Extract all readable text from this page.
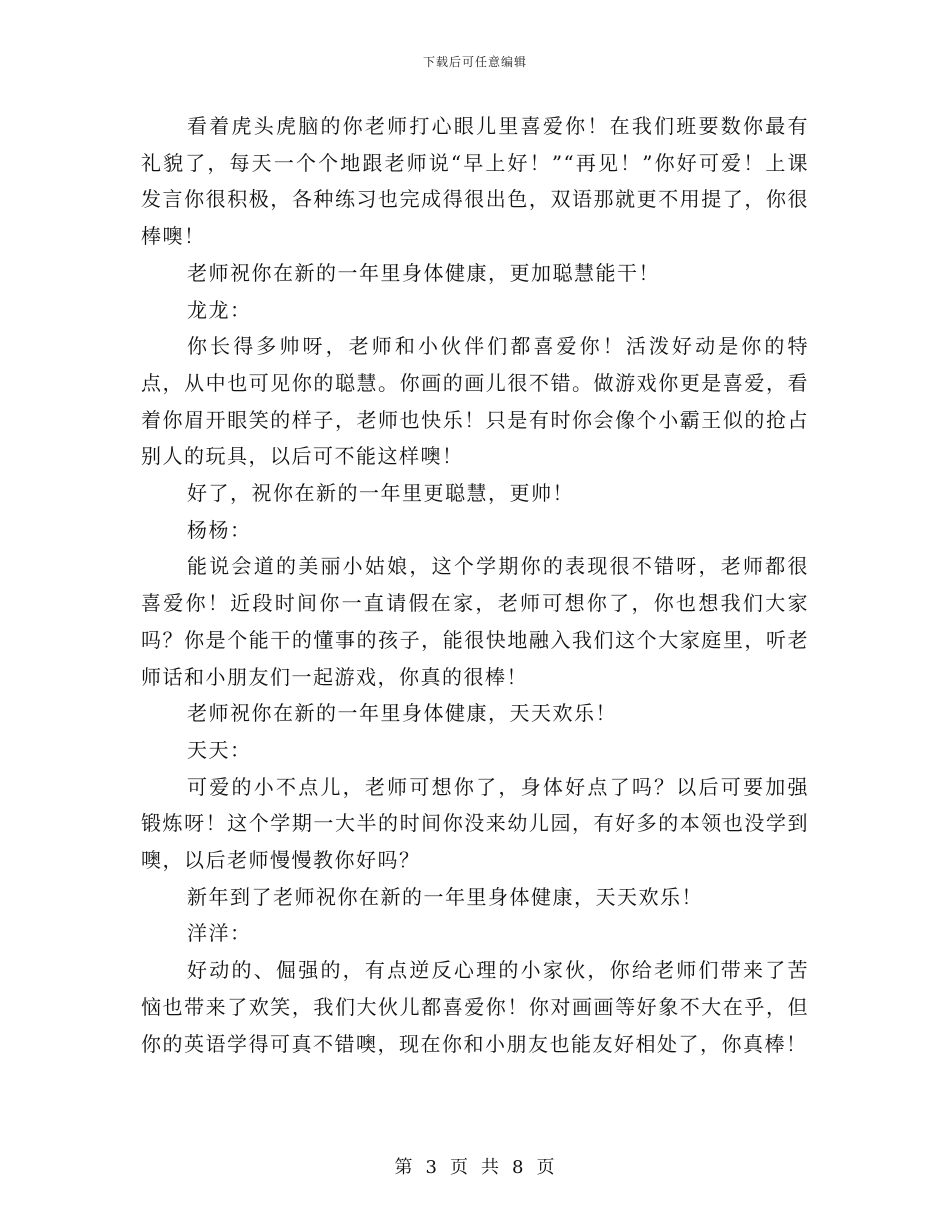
下载后可任意编辑

看着虎头虎脑的你老师打心眼儿里喜爱你！在我们班要数你最有礼貌了，每天一个个地跟老师说“早上好！”“再见！”你好可爱！上课发言你很积极，各种练习也完成得很出色，双语那就更不用提了，你很棒噢！

老师祝你在新的一年里身体健康，更加聪慧能干！

龙龙：

你长得多帅呀，老师和小伙伴们都喜爱你！活泼好动是你的特点，从中也可见你的聪慧。你画的画儿很不错。做游戏你更是喜爱，看着你眉开眼笑的样子，老师也快乐！只是有时你会像个小霸王似的抢占别人的玩具，以后可不能这样噢！

好了，祝你在新的一年里更聪慧，更帅！

杨杨：

能说会道的美丽小姑娘，这个学期你的表现很不错呀，老师都很喜爱你！近段时间你一直请假在家，老师可想你了，你也想我们大家吗？你是个能干的懂事的孩子，能很快地融入我们这个大家庭里，听老师话和小朋友们一起游戏，你真的很棒！

老师祝你在新的一年里身体健康，天天欢乐！

天天：

可爱的小不点儿，老师可想你了，身体好点了吗？以后可要加强锻炼呀！这个学期一大半的时间你没来幼儿园，有好多的本领也没学到噢，以后老师慢慢教你好吗？

新年到了老师祝你在新的一年里身体健康，天天欢乐！

洋洋：

好动的、倔强的，有点逆反心理的小家伙，你给老师们带来了苦恼也带来了欢笑，我们大伙儿都喜爱你！你对画画等好象不大在乎，但你的英语学得可真不错噢，现在你和小朋友也能友好相处了，你真棒！

第 3 页 共 8 页
